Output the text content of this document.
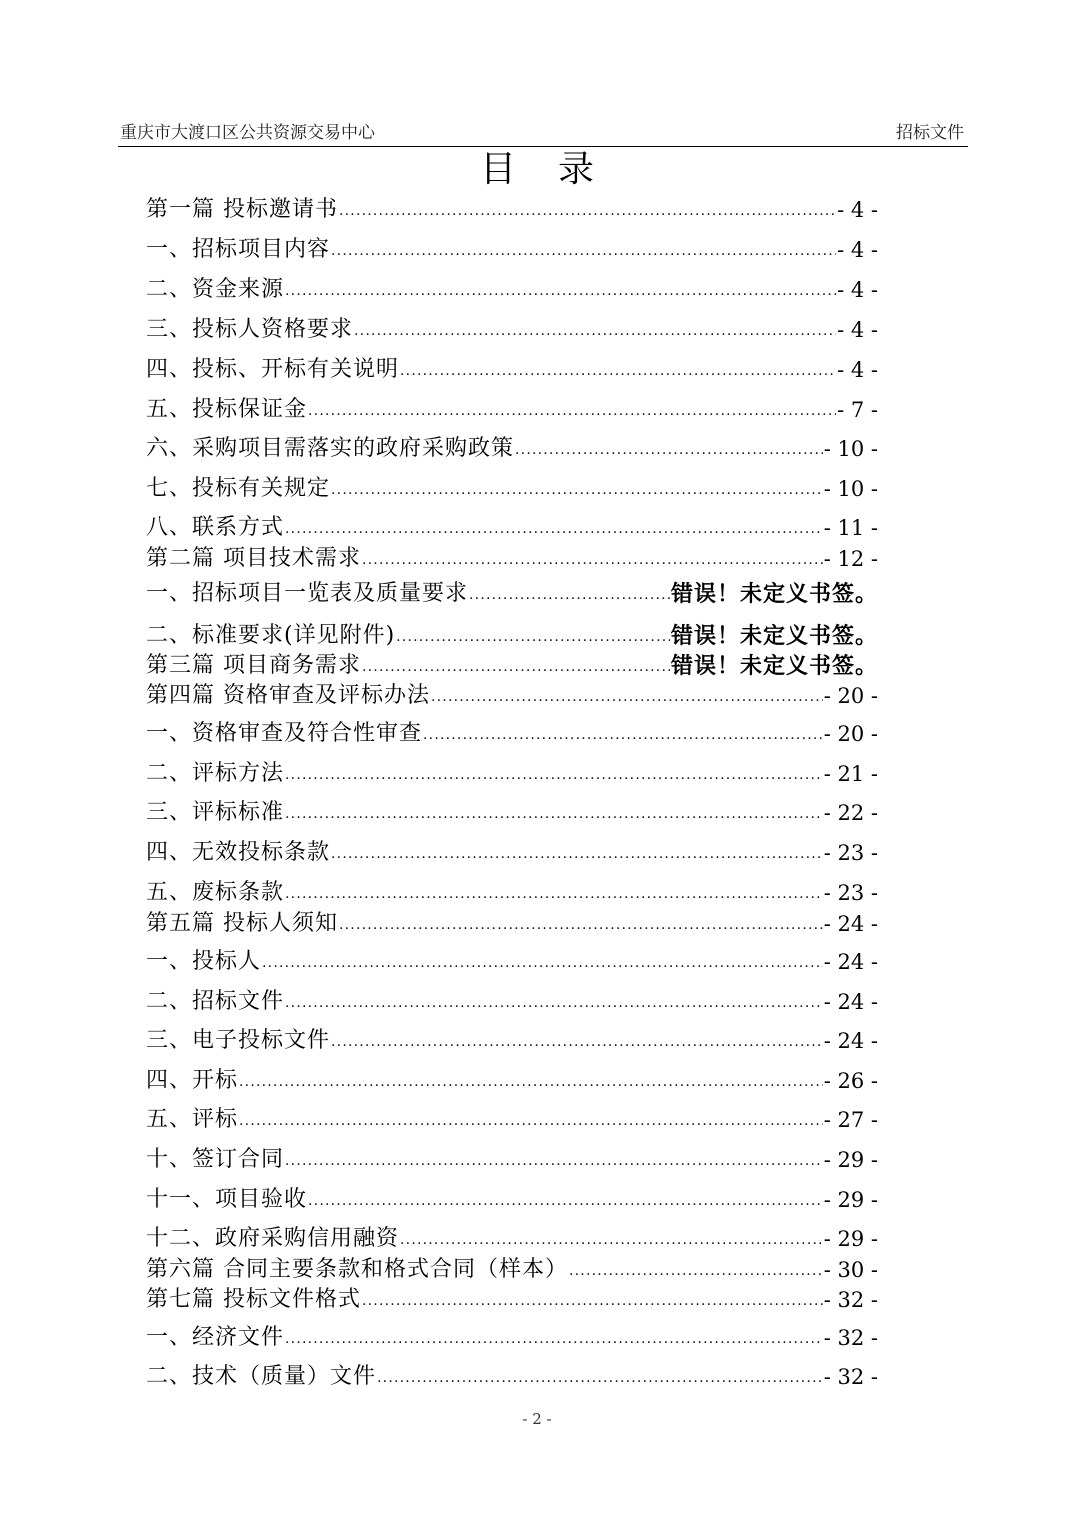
重庆市大渡口区公共资源交易中心	招标文件
目录
第一篇 投标邀请书 .....	- 4 -
一、招标项目内容 .....	- 4 -
二、资金来源 .....	- 4 -
三、投标人资格要求 .....	- 4 -
四、投标、开标有关说明 .....	- 4 -
五、投标保证金 .....	- 7 -
六、采购项目需落实的政府采购政策 .....	- 10 -
七、投标有关规定 .....	- 10 -
八、联系方式 .....	- 11 -
第二篇 项目技术需求 .....	- 12 -
一、招标项目一览表及质量要求 .....	错误！未定义书签。
二、标准要求(详见附件) .....	错误！未定义书签。
第三篇 项目商务需求 .....	错误！未定义书签。
第四篇 资格审查及评标办法 .....	- 20 -
一、资格审查及符合性审查 .....	- 20 -
二、评标方法 .....	- 21 -
三、评标标准 .....	- 22 -
四、无效投标条款 .....	- 23 -
五、废标条款 .....	- 23 -
第五篇 投标人须知 .....	- 24 -
一、投标人 .....	- 24 -
二、招标文件 .....	- 24 -
三、电子投标文件 .....	- 24 -
四、开标 .....	- 26 -
五、评标 .....	- 27 -
十、签订合同 .....	- 29 -
十一、项目验收 .....	- 29 -
十二、政府采购信用融资 .....	- 29 -
第六篇 合同主要条款和格式合同（样本） .....	- 30 -
第七篇 投标文件格式 .....	- 32 -
一、经济文件 .....	- 32 -
二、技术（质量）文件 .....	- 32 -
- 2 -
